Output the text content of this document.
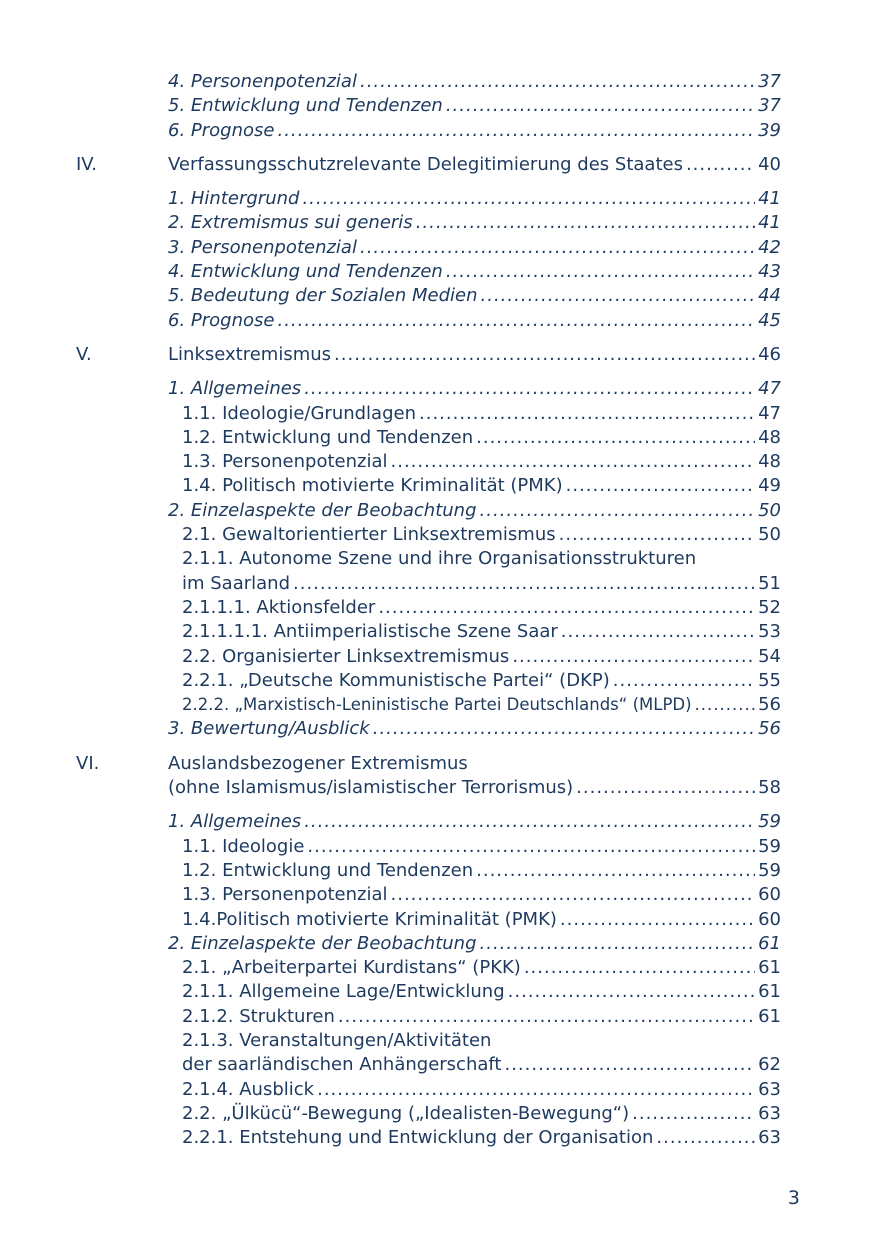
4. Personenpotenzial .....	37
5. Entwicklung und Tendenzen .....	37
6. Prognose .....	39
IV.	Verfassungsschutzrelevante Delegitimierung des Staates .....	40
1. Hintergrund .....	41
2. Extremismus sui generis .....	41
3. Personenpotenzial .....	42
4. Entwicklung und Tendenzen .....	43
5. Bedeutung der Sozialen Medien .....	44
6. Prognose .....	45
V.	Linksextremismus .....	46
1. Allgemeines .....	47
1.1. Ideologie/Grundlagen .....	47
1.2. Entwicklung und Tendenzen .....	48
1.3. Personenpotenzial .....	48
1.4. Politisch motivierte Kriminalität (PMK) .....	49
2. Einzelaspekte der Beobachtung .....	50
2.1. Gewaltorientierter Linksextremismus .....	50
2.1.1. Autonome Szene und ihre Organisationsstrukturen
im Saarland .....	51
2.1.1.1. Aktionsfelder .....	52
2.1.1.1.1. Antiimperialistische Szene Saar .....	53
2.2. Organisierter Linksextremismus .....	54
2.2.1. „Deutsche Kommunistische Partei“ (DKP) .....	55
2.2.2. „Marxistisch-Leninistische Partei Deutschlands“ (MLPD) .....	56
3. Bewertung/Ausblick .....	56
VI.	Auslandsbezogener Extremismus
(ohne Islamismus/islamistischer Terrorismus) .....	58
1. Allgemeines .....	59
1.1. Ideologie .....	59
1.2. Entwicklung und Tendenzen .....	59
1.3. Personenpotenzial .....	60
1.4.Politisch motivierte Kriminalität (PMK) .....	60
2. Einzelaspekte der Beobachtung .....	61
2.1. „Arbeiterpartei Kurdistans“ (PKK) .....	61
2.1.1. Allgemeine Lage/Entwicklung .....	61
2.1.2. Strukturen .....	61
2.1.3. Veranstaltungen/Aktivitäten
der saarländischen Anhängerschaft .....	62
2.1.4. Ausblick .....	63
2.2. „Ülkücü“-Bewegung („Idealisten-Bewegung“) .....	63
2.2.1. Entstehung und Entwicklung der Organisation .....	63
3
